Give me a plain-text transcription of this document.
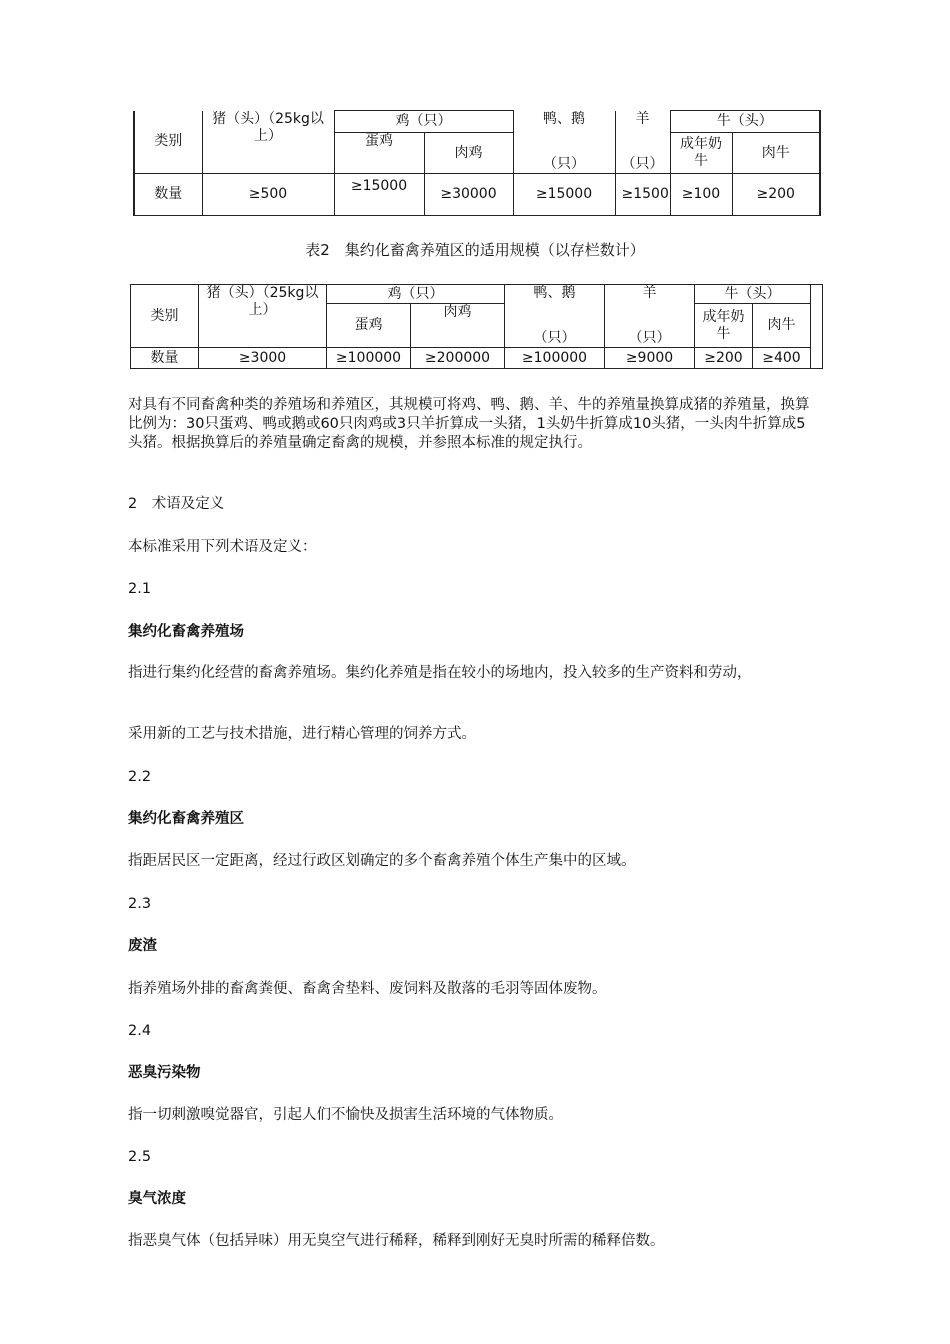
类别	猪（头）（25kg以上）	鸡（只）		鸭、鹅	羊	牛（头）	
		蛋鸡	肉鸡	（只）	（只）	成年奶牛	肉牛
数量	≥500	≥15000	≥30000	≥15000	≥1500	≥100	≥200
表2　集约化畜禽养殖区的适用规模（以存栏数计）
类别	猪（头）（25kg以上）	鸡（只）		鸭、鹅	羊	牛（头）		
		蛋鸡	肉鸡	（只）	（只）	成年奶牛	肉牛	
数量	≥3000	≥100000	≥200000	≥100000	≥9000	≥200	≥400	
对具有不同畜禽种类的养殖场和养殖区，其规模可将鸡、鸭、鹅、羊、牛的养殖量换算成猪的养殖量，换算比例为：30只蛋鸡、鸭或鹅或60只肉鸡或3只羊折算成一头猪，1头奶牛折算成10头猪，一头肉牛折算成5头猪。根据换算后的养殖量确定畜禽的规模，并参照本标准的规定执行。
2　术语及定义
本标准采用下列术语及定义：
2.1
集约化畜禽养殖场
指进行集约化经营的畜禽养殖场。集约化养殖是指在较小的场地内，投入较多的生产资料和劳动，
采用新的工艺与技术措施，进行精心管理的饲养方式。
2.2
集约化畜禽养殖区
指距居民区一定距离，经过行政区划确定的多个畜禽养殖个体生产集中的区域。
2.3
废渣
指养殖场外排的畜禽粪便、畜禽舍垫料、废饲料及散落的毛羽等固体废物。
2.4
恶臭污染物
指一切刺激嗅觉器官，引起人们不愉快及损害生活环境的气体物质。
2.5
臭气浓度
指恶臭气体（包括异味）用无臭空气进行稀释，稀释到刚好无臭时所需的稀释倍数。
